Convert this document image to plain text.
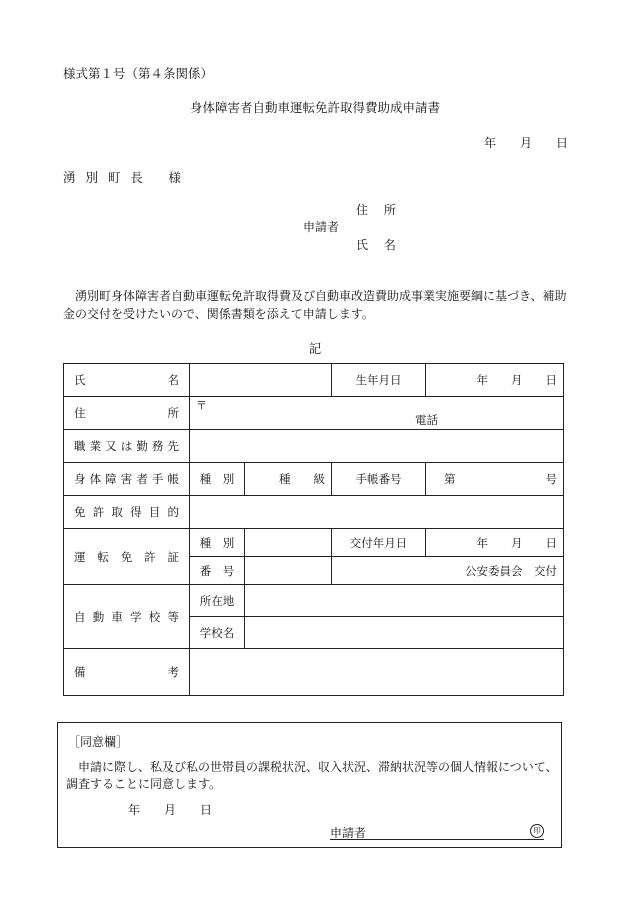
様式第１号（第４条関係）
身体障害者自動車運転免許取得費助成申請書
年　　月　　日
湧 別 町 長　 様
住 所
申請者
氏 名
湧別町身体障害者自動車運転免許取得費及び自動車改造費助成事業実施要綱に基づき、補助金の交付を受けたいので、関係書類を添えて申請します。
記
氏名			生年月日	年　　月　　日
住所	〒
電話			

職業又は勤務先				
身体障害者手帳	種　別	種　　級	手帳番号	第 号

免許取得目的				
運転免許証	種　別		交付年月日	年　　月　　日
	番　号		公安委員会　交付	
自動車学校等	所在地			
	学校名			
備考				
［同意欄］
申請に際し、私及び私の世帯員の課税状況、収入状況、滞納状況等の個人情報について、調査することに同意します。
年　　月　　日
申請者	印
